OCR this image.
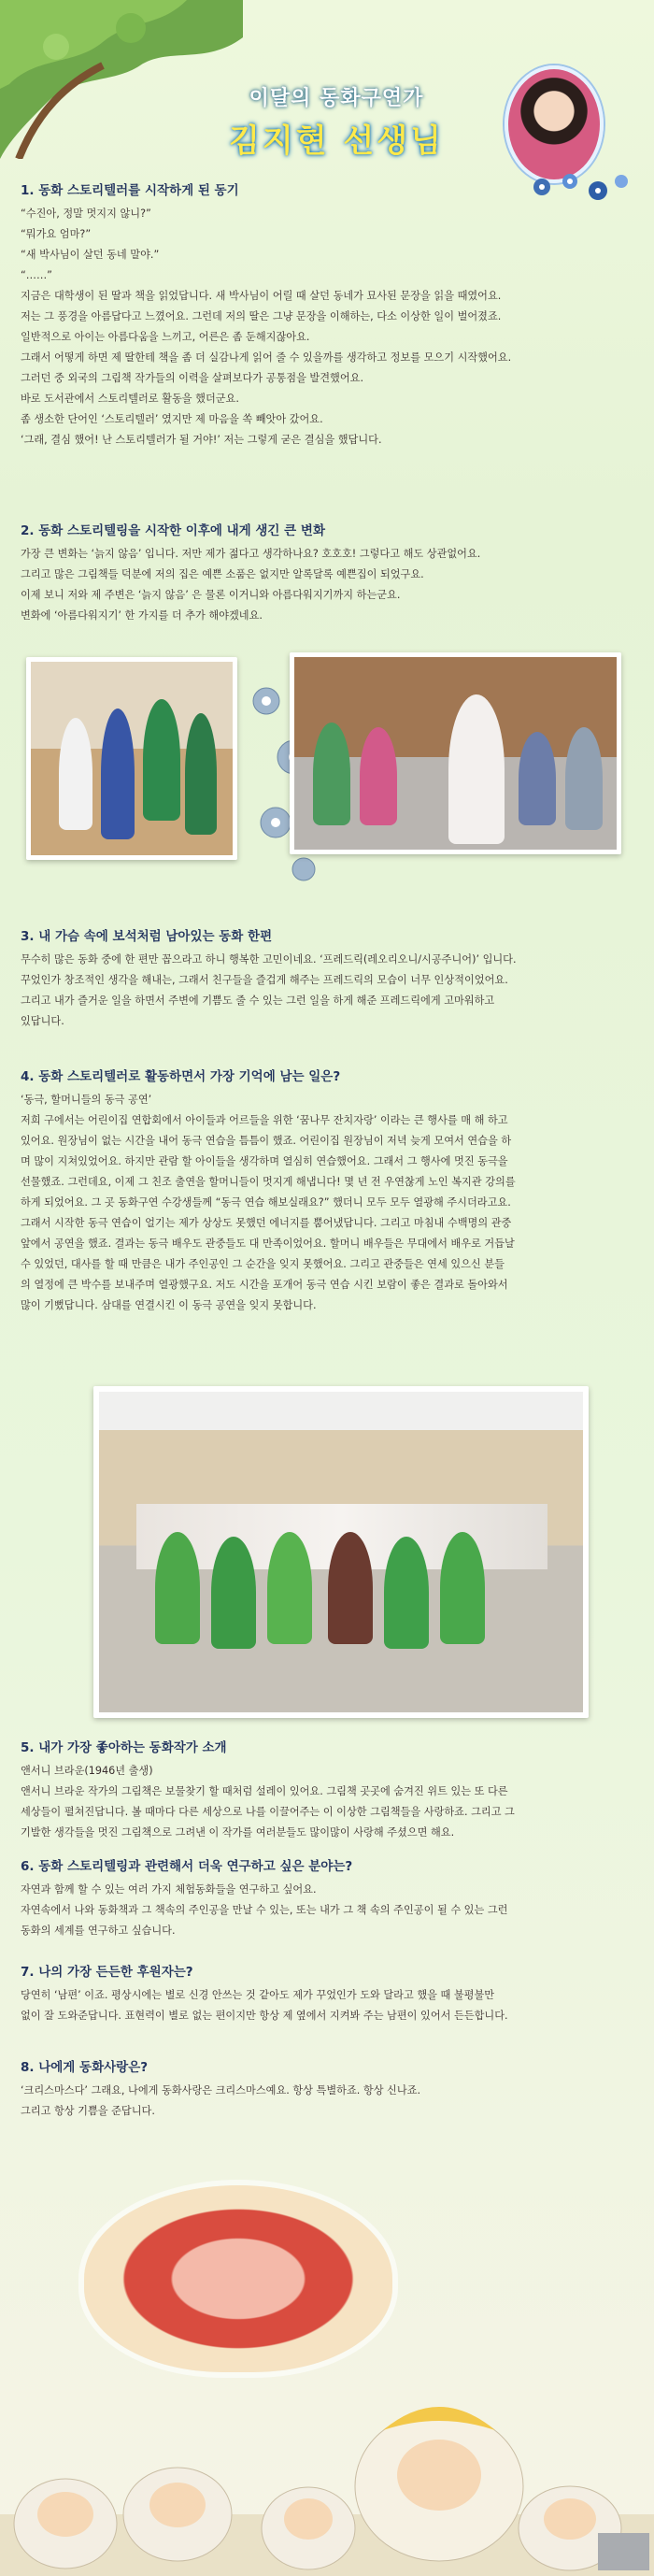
이달의 동화구연가
김지현 선생님

1. 동화 스토리텔러를 시작하게 된 동기

“수진아, 정말 멋지지 않니?”

“뭐가요 엄마?”

“새 박사님이 살던 동네 말야.”

“……”

지금은 대학생이 된 딸과 책을 읽었답니다. 새 박사님이 어릴 때 살던 동네가 묘사된 문장을 읽을 때였어요.

저는 그 풍경을 아름답다고 느꼈어요. 그런데 저의 딸은 그냥 문장을 이해하는, 다소 이상한 일이 벌어졌죠.

일반적으로 아이는 아름다움을 느끼고, 어른은 좀 둔해지잖아요.

그래서 어떻게 하면 제 딸한테 책을 좀 더 실감나게 읽어 줄 수 있을까를 생각하고 정보를 모으기 시작했어요.

그러던 중 외국의 그림책 작가들의 이력을 살펴보다가 공통점을 발견했어요.

바로 도서관에서 스토리텔러로 활동을 했더군요.

좀 생소한 단어인 ‘스토리텔러’ 였지만 제 마음을 쏙 빼앗아 갔어요.

‘그래, 결심 했어! 난 스토리텔러가 될 거야!’ 저는 그렇게 굳은 결심을 했답니다.

2. 동화 스토리텔링을 시작한 이후에 내게 생긴 큰 변화

가장 큰 변화는 ‘늙지 않음’ 입니다. 저만 제가 젊다고 생각하나요? 호호호! 그렇다고 해도 상관없어요.

그리고 많은 그림책들 덕분에 저의 집은 예쁜 소품은 없지만 알록달록 예쁜집이 되었구요.

이제 보니 저와 제 주변은 ‘늙지 않음’ 은 물론 이거니와 아름다워지기까지 하는군요.

변화에 ‘아름다워지기’ 한 가지를 더 추가 해야겠네요.

3. 내 가슴 속에 보석처럼 남아있는 동화 한편

무수히 많은 동화 중에 한 편만 꼽으라고 하니 행복한 고민이네요. ‘프레드릭(레오리오니/시공주니어)’ 입니다.

꾸었인가 창조적인 생각을 해내는, 그래서 친구들을 즐겁게 해주는 프레드릭의 모습이 너무 인상적이었어요.

그리고 내가 즐거운 일을 하면서 주변에 기쁨도 줄 수 있는 그런 일을 하게 해준 프레드릭에게 고마워하고

있답니다.

4. 동화 스토리텔러로 활동하면서 가장 기억에 남는 일은?

‘동극, 할머니들의 동극 공연’

저희 구에서는 어린이집 연합회에서 아이들과 어르들을 위한 ‘꿈나무 잔치자랑’ 이라는 큰 행사를 매 해 하고

있어요. 원장님이 없는 시간을 내어 동극 연습을 틈틈이 했죠. 어린이집 원장님이 저녁 늦게 모여서 연습을 하

며 많이 지쳐있었어요. 하지만 관람 할 아이들을 생각하며 열심히 연습했어요. 그래서 그 행사에 멋진 동극을

선물했죠. 그런데요, 이제 그 친조 출연을 할머니들이 멋지게 해냅니다! 몇 년 전 우연찮게 노인 복지관 강의를

하게 되었어요. 그 곳 동화구연 수강생들께 “동극 연습 해보실래요?” 했더니 모두 모두 열광해 주시더라고요.

그래서 시작한 동극 연습이 얼기는 제가 상상도 못했던 에너지를 뿜어냈답니다. 그리고 마침내 수백명의 관중

앞에서 공연을 했죠. 결과는 동극 배우도 관중들도 대 만족이었어요. 할머니 배우들은 무대에서 배우로 거듭날

수 있었던, 대사를 할 때 만큼은 내가 주인공인 그 순간을 잊지 못했어요. 그리고 관중들은 연세 있으신 분들

의 열정에 큰 박수를 보내주며 열광했구요. 저도 시간을 포개어 동극 연습 시킨 보람이 좋은 결과로 돌아와서

많이 기뻤답니다. 삼대를 연결시킨 이 동극 공연을 잊지 못합니다.

5. 내가 가장 좋아하는 동화작가 소개

앤서니 브라운(1946년 출생)

앤서니 브라운 작가의 그림책은 보물찾기 할 때처럼 설레이 있어요. 그림책 곳곳에 숨겨진 위트 있는 또 다른

세상들이 펼쳐진답니다. 볼 때마다 다른 세상으로 나를 이끌어주는 이 이상한 그림책들을 사랑하죠. 그리고 그

기발한 생각들을 멋진 그림책으로 그려낸 이 작가를 여러분들도 많이많이 사랑해 주셨으면 해요.

6. 동화 스토리텔링과 관련해서 더욱 연구하고 싶은 분야는?

자연과 함께 할 수 있는 여러 가지 체험동화들을 연구하고 싶어요.

자연속에서 나와 동화책과 그 책속의 주인공을 만날 수 있는, 또는 내가 그 책 속의 주인공이 될 수 있는 그런

동화의 세계를 연구하고 싶습니다.

7. 나의 가장 든든한 후원자는?

당연히 ‘남편’ 이죠. 평상시에는 별로 신경 안쓰는 것 같아도 제가 꾸었인가 도와 달라고 했을 때 불평불만

없이 잘 도와준답니다. 표현력이 별로 없는 편이지만 항상 제 옆에서 지켜봐 주는 남편이 있어서 든든합니다.

8. 나에게 동화사랑은?

‘크리스마스다’ 그래요, 나에게 동화사랑은 크리스마스예요. 항상 특별하죠. 항상 신나죠.

그리고 항상 기쁨을 준답니다.
